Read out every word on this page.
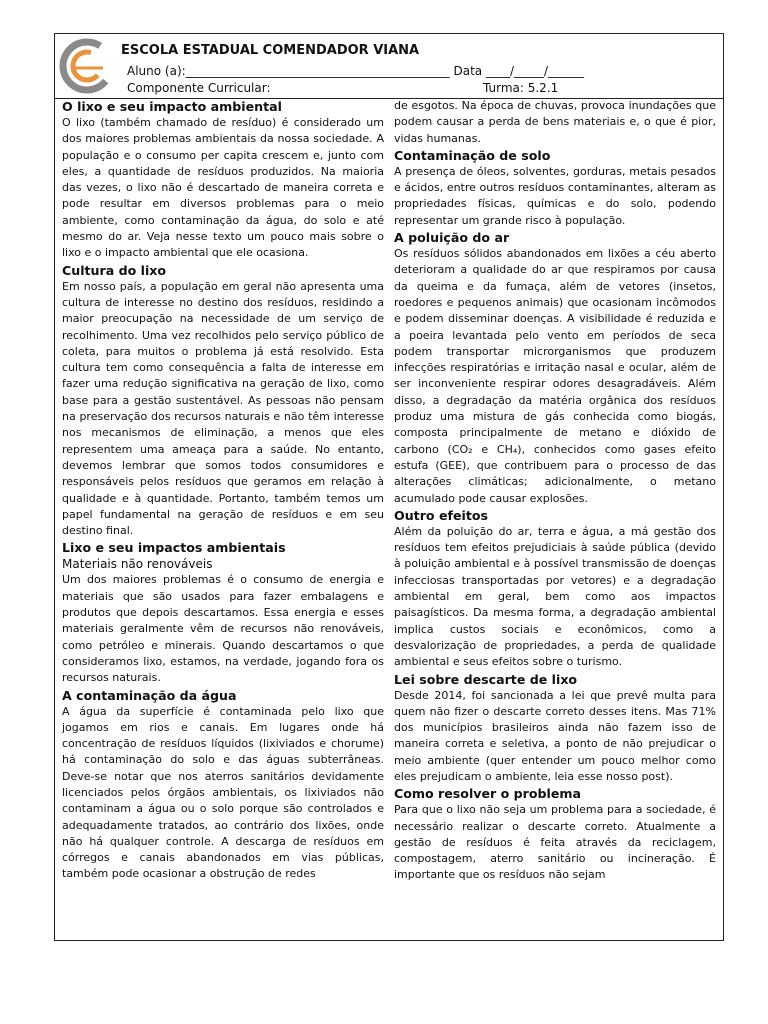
ESCOLA ESTADUAL COMENDADOR VIANA
Aluno (a):____________________________________________ Data ____/_____/______
Componente Curricular:	Turma: 5.2.1

O lixo e seu impacto ambiental

O lixo (também chamado de resíduo) é considerado um dos maiores problemas ambientais da nossa sociedade. A população e o consumo per capita crescem e, junto com eles, a quantidade de resíduos produzidos. Na maioria das vezes, o lixo não é descartado de maneira correta e pode resultar em diversos problemas para o meio ambiente, como contaminação da água, do solo e até mesmo do ar. Veja nesse texto um pouco mais sobre o lixo e o impacto ambiental que ele ocasiona.

Cultura do lixo

Em nosso país, a população em geral não apresenta uma cultura de interesse no destino dos resíduos, residindo a maior preocupação na necessidade de um serviço de recolhimento. Uma vez recolhidos pelo serviço público de coleta, para muitos o problema já está resolvido. Esta cultura tem como consequência a falta de interesse em fazer uma redução significativa na geração de lixo, como base para a gestão sustentável. As pessoas não pensam na preservação dos recursos naturais e não têm interesse nos mecanismos de eliminação, a menos que eles representem uma ameaça para a saúde. No entanto, devemos lembrar que somos todos consumidores e responsáveis pelos resíduos que geramos em relação à qualidade e à quantidade. Portanto, também temos um papel fundamental na geração de resíduos e em seu destino final.

Lixo e seu impactos ambientais

Materiais não renováveis

Um dos maiores problemas é o consumo de energia e materiais que são usados para fazer embalagens e produtos que depois descartamos. Essa energia e esses materiais geralmente vêm de recursos não renováveis, como petróleo e minerais. Quando descartamos o que consideramos lixo, estamos, na verdade, jogando fora os recursos naturais.

A contaminação da água

A água da superfície é contaminada pelo lixo que jogamos em rios e canais. Em lugares onde há concentração de resíduos líquidos (lixiviados e chorume) há contaminação do solo e das águas subterrâneas. Deve-se notar que nos aterros sanitários devidamente licenciados pelos órgãos ambientais, os lixiviados não contaminam a água ou o solo porque são controlados e adequadamente tratados, ao contrário dos lixões, onde não há qualquer controle. A descarga de resíduos em córregos e canais abandonados em vias públicas, também pode ocasionar a obstrução de redes

de esgotos. Na época de chuvas, provoca inundações que podem causar a perda de bens materiais e, o que é pior, vidas humanas.

Contaminação de solo

A presença de óleos, solventes, gorduras, metais pesados e ácidos, entre outros resíduos contaminantes, alteram as propriedades físicas, químicas e do solo, podendo representar um grande risco à população.

A poluição do ar

Os resíduos sólidos abandonados em lixões a céu aberto deterioram a qualidade do ar que respiramos por causa da queima e da fumaça, além de vetores (insetos, roedores e pequenos animais) que ocasionam incômodos e podem disseminar doenças. A visibilidade é reduzida e a poeira levantada pelo vento em períodos de seca podem transportar microrganismos que produzem infecções respiratórias e irritação nasal e ocular, além de ser inconveniente respirar odores desagradáveis. Além disso, a degradação da matéria orgânica dos resíduos produz uma mistura de gás conhecida como biogás, composta principalmente de metano e dióxido de carbono (CO₂ e CH₄), conhecidos como gases efeito estufa (GEE), que contribuem para o processo de das alterações climáticas; adicionalmente, o metano acumulado pode causar explosões.

Outro efeitos

Além da poluição do ar, terra e água, a má gestão dos resíduos tem efeitos prejudiciais à saúde pública (devido à poluição ambiental e à possível transmissão de doenças infecciosas transportadas por vetores) e a degradação ambiental em geral, bem como aos impactos paisagísticos. Da mesma forma, a degradação ambiental implica custos sociais e econômicos, como a desvalorização de propriedades, a perda de qualidade ambiental e seus efeitos sobre o turismo.

Lei sobre descarte de lixo

Desde 2014, foi sancionada a lei que prevê multa para quem não fizer o descarte correto desses itens. Mas 71% dos municípios brasileiros ainda não fazem isso de maneira correta e seletiva, a ponto de não prejudicar o meio ambiente (quer entender um pouco melhor como eles prejudicam o ambiente, leia esse nosso post).

Como resolver o problema

Para que o lixo não seja um problema para a sociedade, é necessário realizar o descarte correto. Atualmente a gestão de resíduos é feita através da reciclagem, compostagem, aterro sanitário ou incineração. É importante que os resíduos não sejam
